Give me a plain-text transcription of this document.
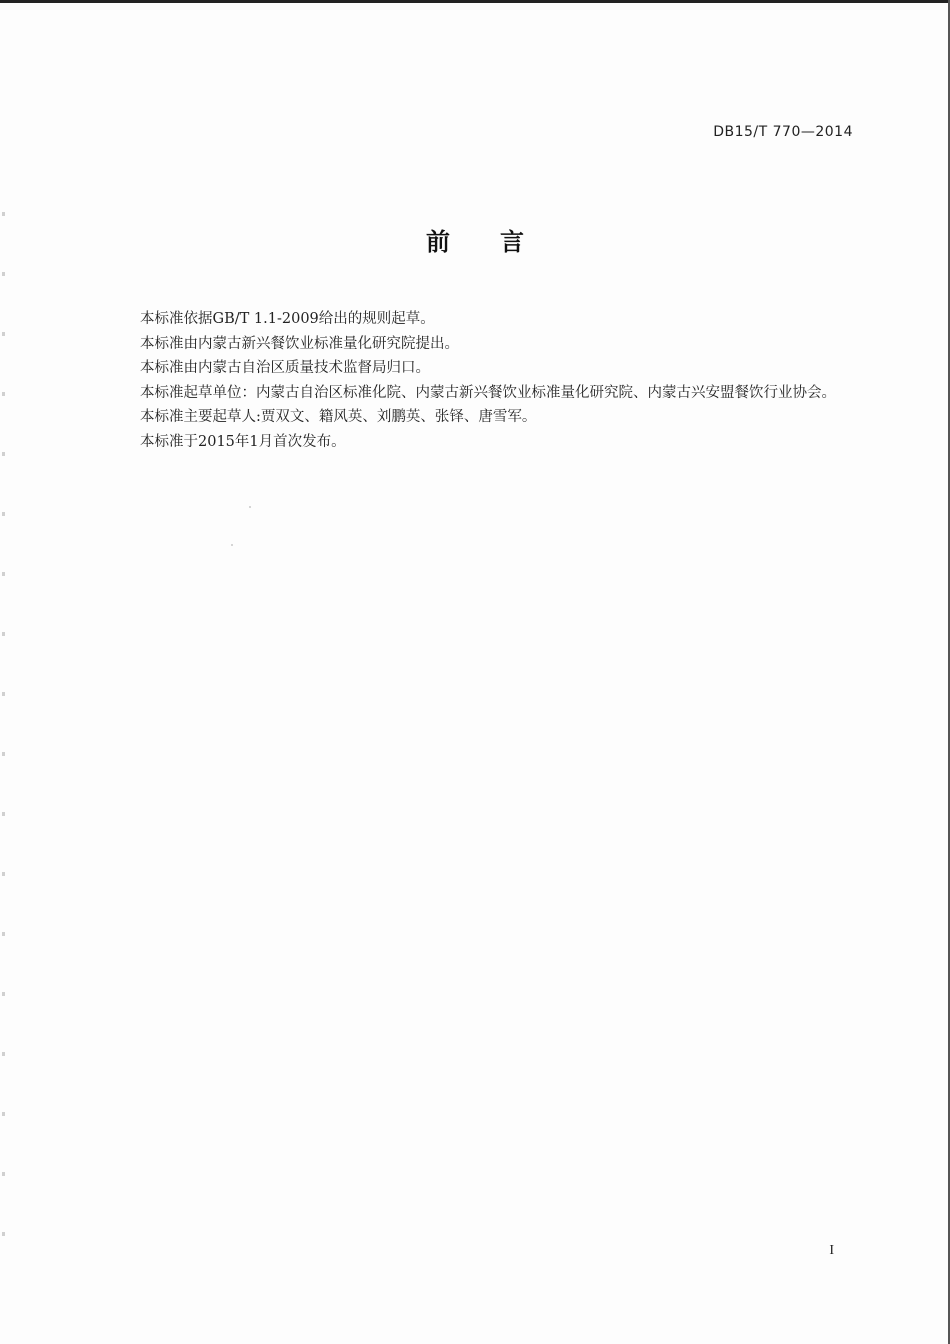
DB15/T 770—2014
前言

本标准依据GB/T 1.1-2009给出的规则起草。

本标准由内蒙古新兴餐饮业标准量化研究院提出。

本标准由内蒙古自治区质量技术监督局归口。

本标准起草单位：内蒙古自治区标准化院、内蒙古新兴餐饮业标准量化研究院、内蒙古兴安盟餐饮行业协会。

本标准主要起草人:贾双文、籍风英、刘鹏英、张铎、唐雪军。

本标准于2015年1月首次发布。

I
